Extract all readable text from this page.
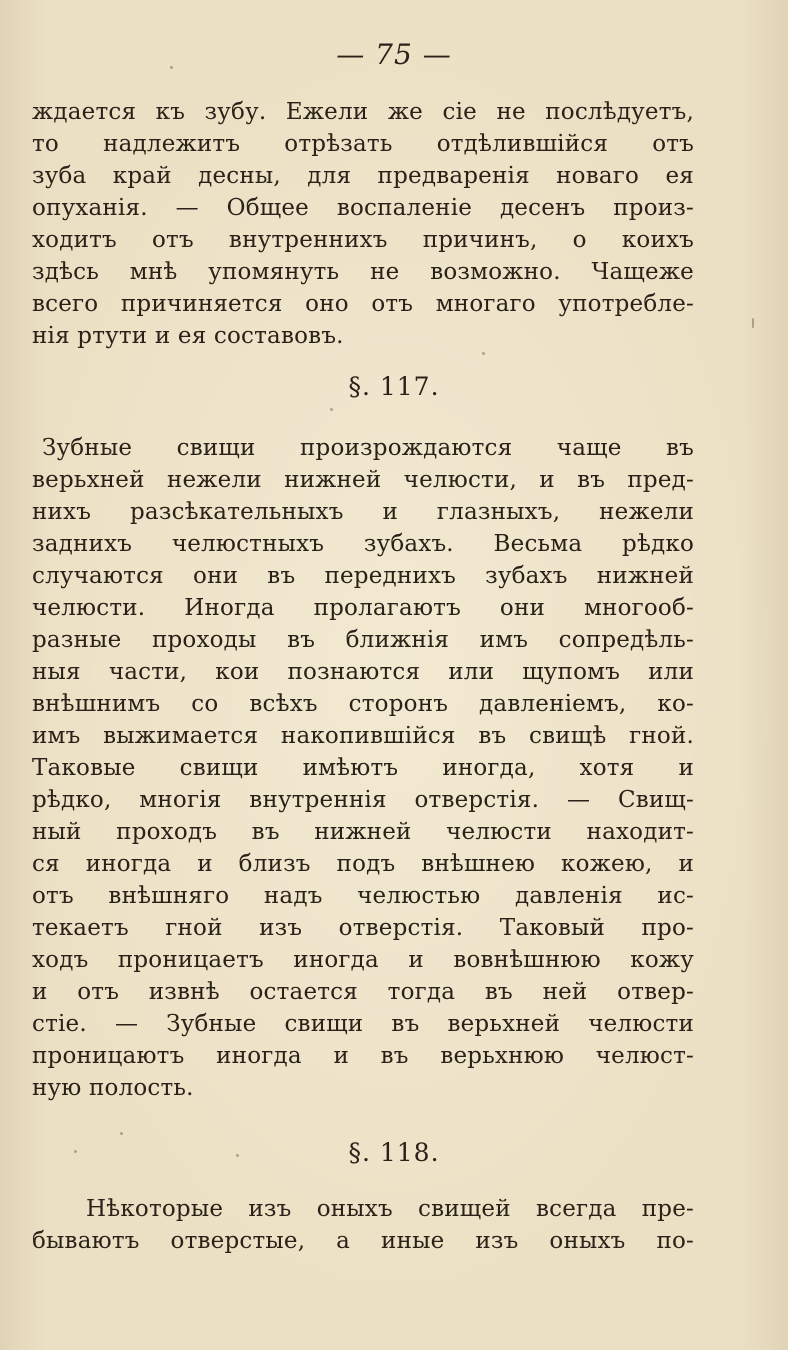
— 75 —
ждается къ зубу. Ежели же сіе не послѣдуетъ,
то надлежитъ отрѣзать отдѣлившійся отъ
зуба край десны, для предваренія новаго ея
опуханія. — Общее воспаленіе десенъ произ-
ходитъ отъ внутреннихъ причинъ, о коихъ
здѣсь мнѣ упомянуть не возможно. Чащеже
всего причиняется оно отъ многаго употребле-
нія ртути и ея составовъ.
§. 117.
Зубные свищи произрождаются чаще въ
верьхней нежели нижней челюсти, и въ пред-
нихъ разсѣкательныхъ и глазныхъ, нежели
заднихъ челюстныхъ зубахъ. Весьма рѣдко
случаются они въ переднихъ зубахъ нижней
челюсти. Иногда пролагаютъ они многооб-
разные проходы въ ближнія имъ сопредѣль-
ныя части, кои познаются или щупомъ или
внѣшнимъ со всѣхъ сторонъ давленіемъ, ко-
имъ выжимается накопившійся въ свищѣ гной.
Таковые свищи имѣютъ иногда, хотя и
рѣдко, многія внутреннія отверстія. — Свищ-
ный проходъ въ нижней челюсти находит-
ся иногда и близъ подъ внѣшнею кожею, и
отъ внѣшняго надъ челюстью давленія ис-
текаетъ гной изъ отверстія. Таковый про-
ходъ проницаетъ иногда и вовнѣшнюю кожу
и отъ извнѣ остается тогда въ ней отвер-
стіе. — Зубные свищи въ верьхней челюсти
проницаютъ иногда и въ верьхнюю челюст-
ную полость.
§. 118.
Нѣкоторые изъ оныхъ свищей всегда пре-
бываютъ отверстые, а иные изъ оныхъ по-
